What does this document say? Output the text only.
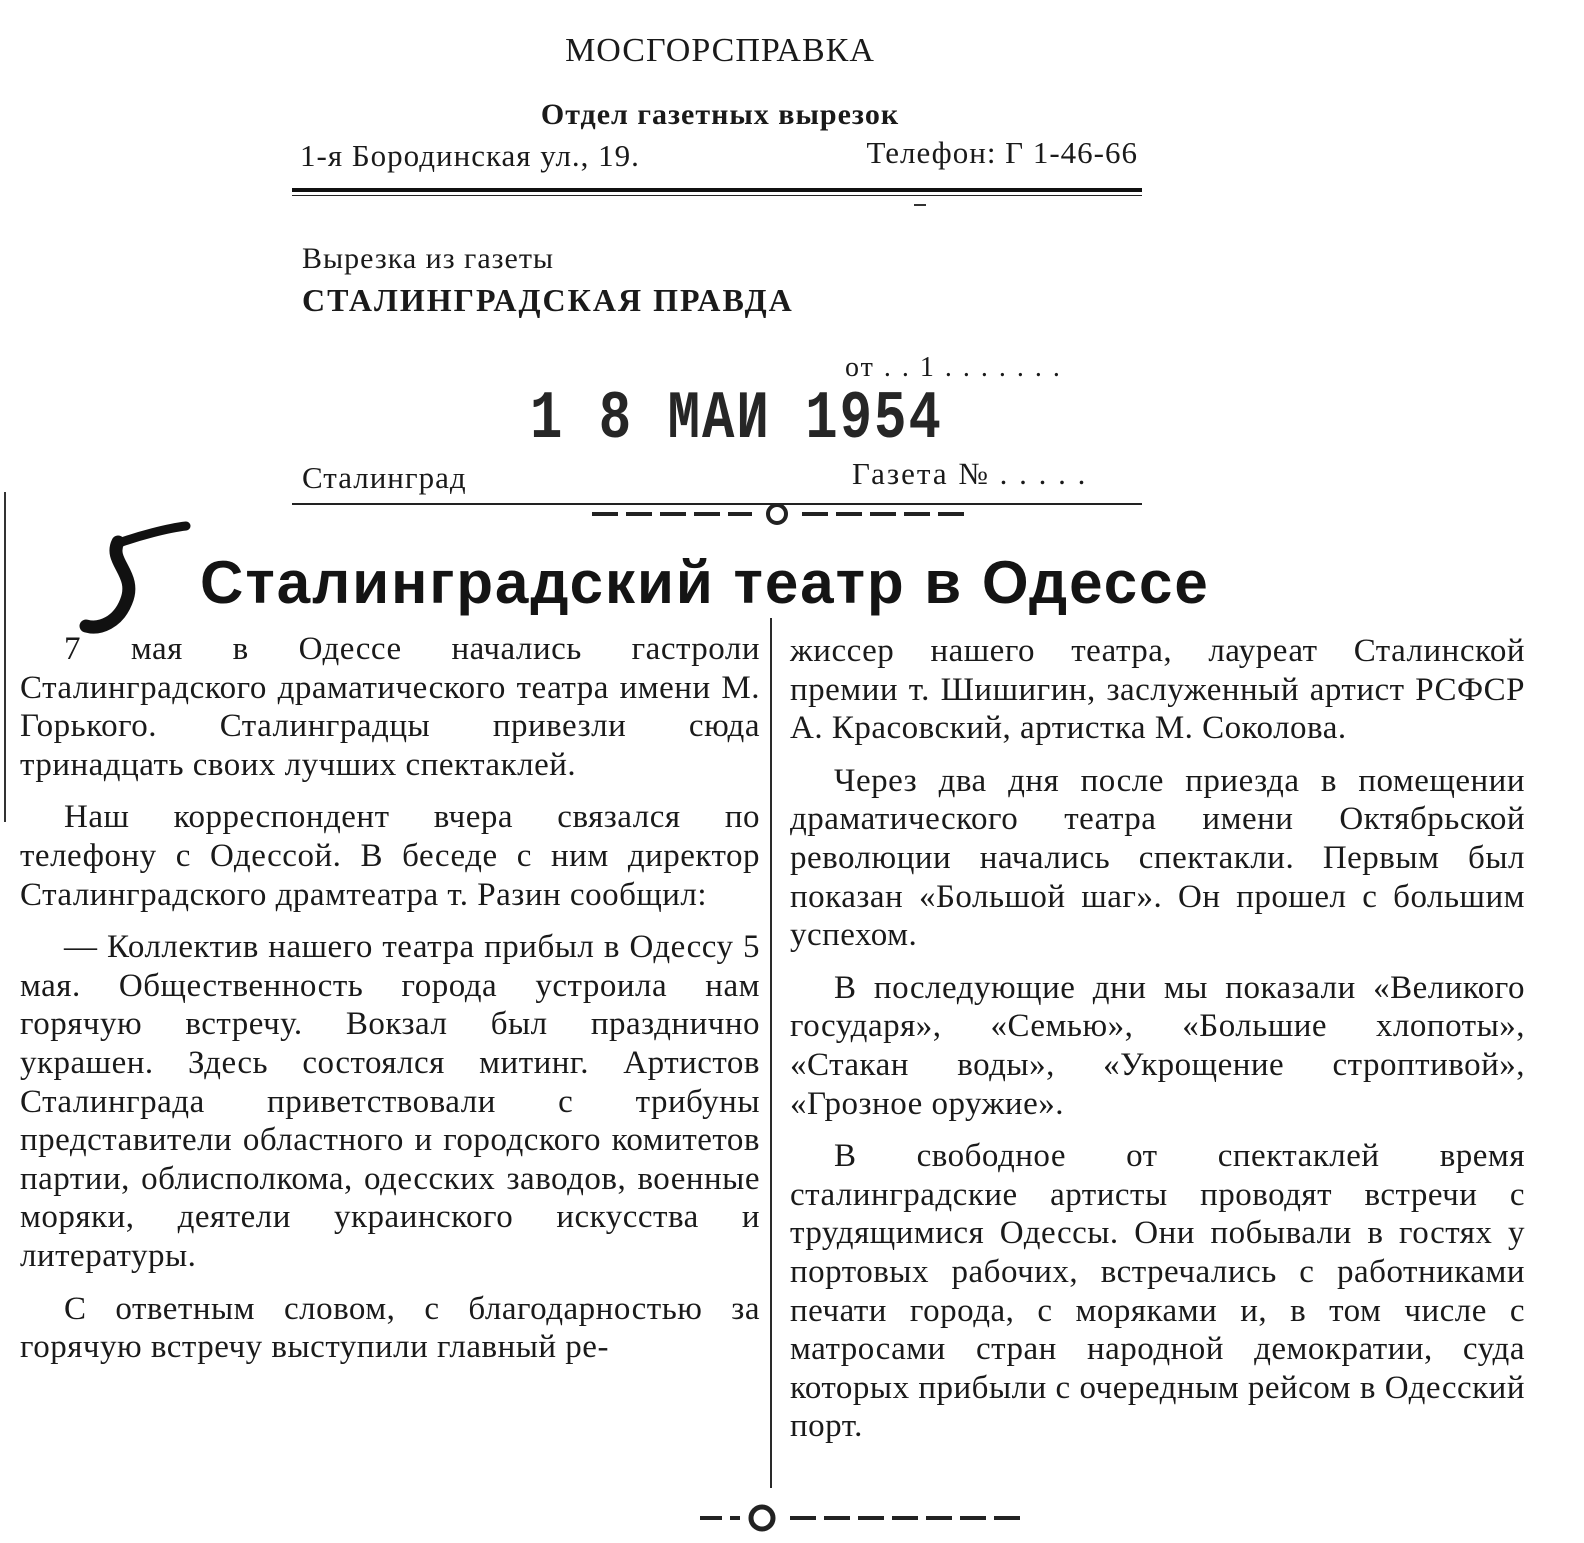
МОСГОРСПРАВКА
Отдел газетных вырезок
1-я Бородинская ул., 19.	Телефон: Г 1-46-66
Вырезка из газеты
СТАЛИНГРАДСКАЯ ПРАВДА
от . . 1 . . . . . . .
1 8 МАИ 1954
Сталинград	Газета № . . . . .
Сталинградский театр в Одессе

7 мая в Одессе начались гастроли Сталинградского драматического театра имени М. Горького. Сталинградцы привезли сюда тринадцать своих лучших спектаклей.

Наш корреспондент вчера связался по телефону с Одессой. В беседе с ним директор Сталинградского драмтеатра т. Разин сообщил:

— Коллектив нашего театра прибыл в Одессу 5 мая. Общественность города устроила нам горячую встречу. Вокзал был празднично украшен. Здесь состоялся митинг. Артистов Сталинграда приветствовали с трибуны представители областного и городского комитетов партии, облисполкома, одесских заводов, военные моряки, деятели украинского искусства и литературы.

С ответным словом, с благодарностью за горячую встречу выступили главный ре-

жиссер нашего театра, лауреат Сталинской премии т. Шишигин, заслуженный артист РСФСР А. Красовский, артистка М. Соколова.

Через два дня после приезда в помещении драматического театра имени Октябрьской революции начались спектакли. Первым был показан «Большой шаг». Он прошел с большим успехом.

В последующие дни мы показали «Великого государя», «Семью», «Большие хлопоты», «Стакан воды», «Укрощение строптивой», «Грозное оружие».

В свободное от спектаклей время сталинградские артисты проводят встречи с трудящимися Одессы. Они побывали в гостях у портовых рабочих, встречались с работниками печати города, с моряками и, в том числе с матросами стран народной демократии, суда которых прибыли с очередным рейсом в Одесский порт.
